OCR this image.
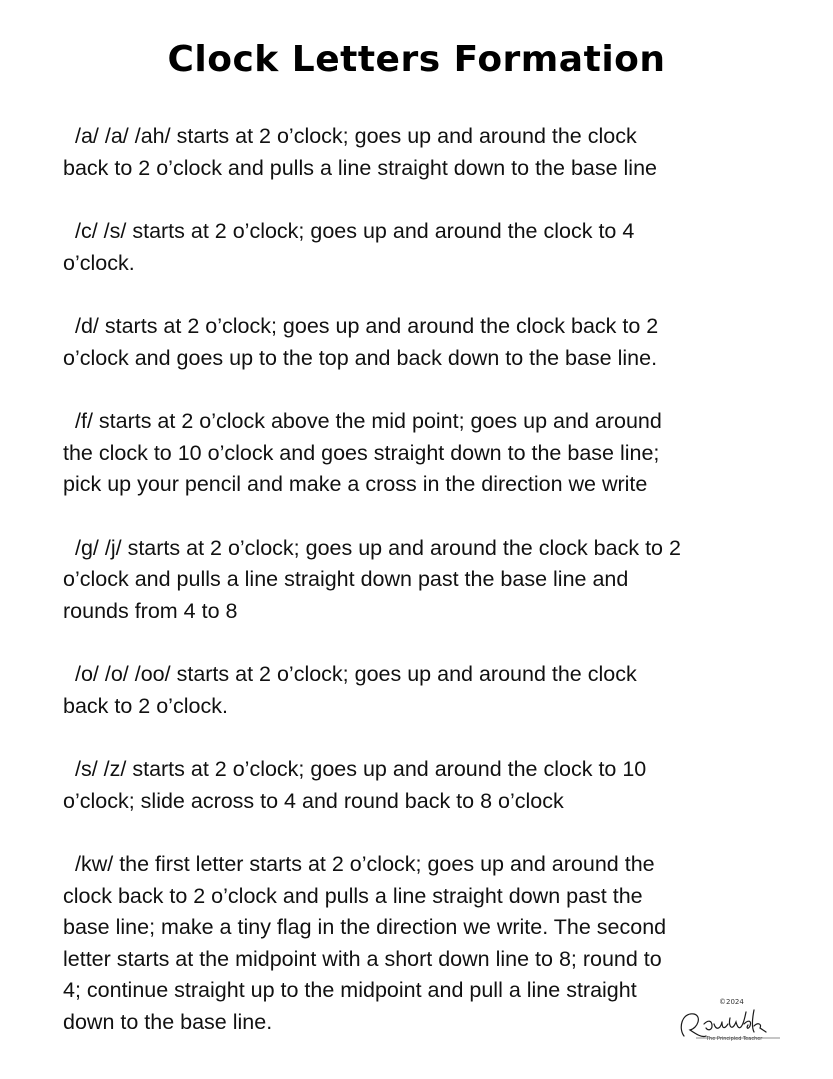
Clock Letters Formation

/a/ /a/ /ah/ starts at 2 o’clock; goes up and around the clock
back to 2 o’clock and pulls a line straight down to the base line

/c/ /s/ starts at 2 o’clock; goes up and around the clock to 4
o’clock.

/d/ starts at 2 o’clock; goes up and around the clock back to 2
o’clock and goes up to the top and back down to the base line.

/f/ starts at 2 o’clock above the mid point; goes up and around
the clock to 10 o’clock and goes straight down to the base line;
pick up your pencil and make a cross in the direction we write

/g/ /j/ starts at 2 o’clock; goes up and around the clock back to 2
o’clock and pulls a line straight down past the base line and
rounds from 4 to 8

/o/ /o/ /oo/ starts at 2 o’clock; goes up and around the clock
back to 2 o’clock.

/s/ /z/ starts at 2 o’clock; goes up and around the clock to 10
o’clock; slide across to 4 and round back to 8 o’clock

/kw/ the first letter starts at 2 o’clock; goes up and around the
clock back to 2 o’clock and pulls a line straight down past the
base line; make a tiny flag in the direction we write. The second
letter starts at the midpoint with a short down line to 8; round to
4; continue straight up to the midpoint and pull a line straight
down to the base line.

©2024
The Principled Teacher
